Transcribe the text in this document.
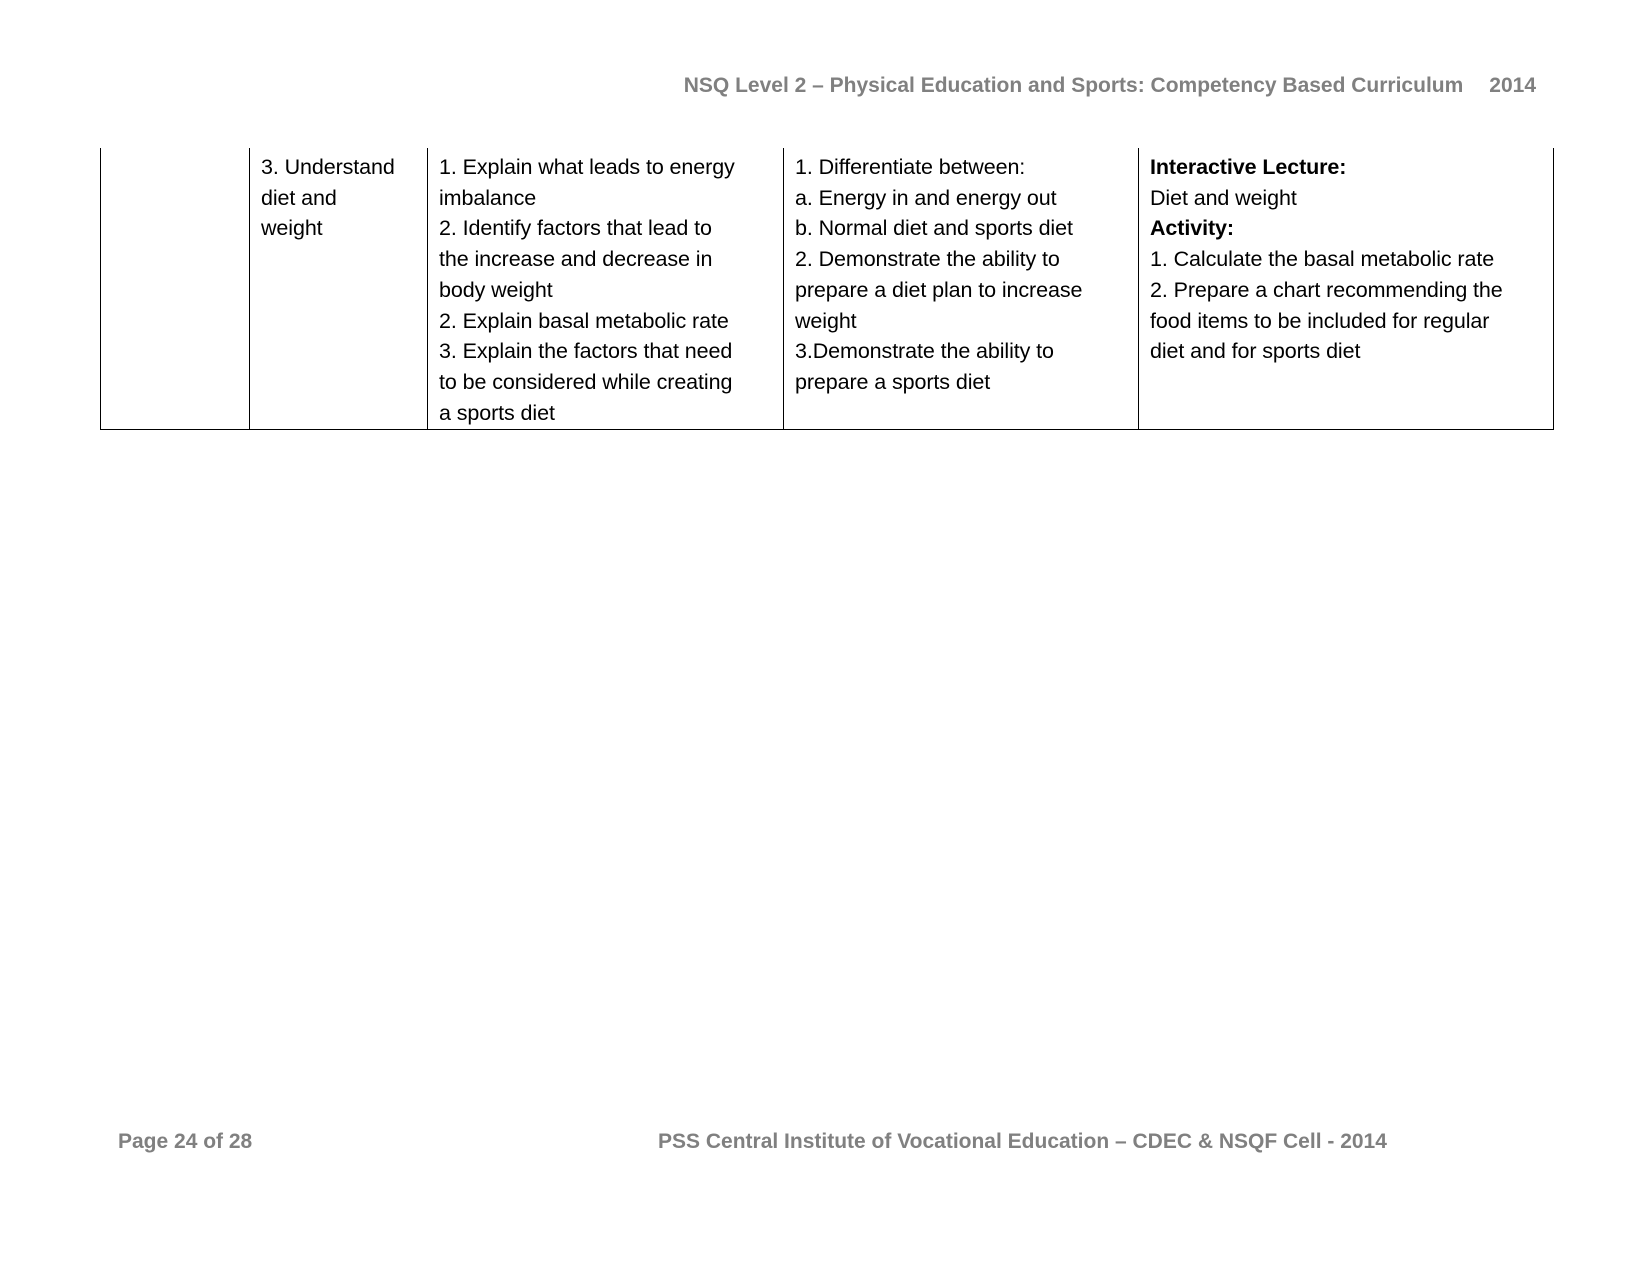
NSQ Level 2 – Physical Education and Sports: Competency Based Curriculum 2014

3. Understand
diet and
weight

1. Explain what leads to energy
imbalance
2. Identify factors that lead to
the increase and decrease in
body weight
2. Explain basal metabolic rate
3. Explain the factors that need
to be considered while creating
a sports diet

1. Differentiate between:
a. Energy in and energy out
b. Normal diet and sports diet
2. Demonstrate the ability to
prepare a diet plan to increase
weight
3.Demonstrate the ability to
prepare a sports diet

Interactive Lecture:
Diet and weight
Activity:
1. Calculate the basal metabolic rate
2. Prepare a chart recommending the
food items to be included for regular
diet and for sports diet
Page 24 of 28	PSS Central Institute of Vocational Education – CDEC & NSQF Cell - 2014
